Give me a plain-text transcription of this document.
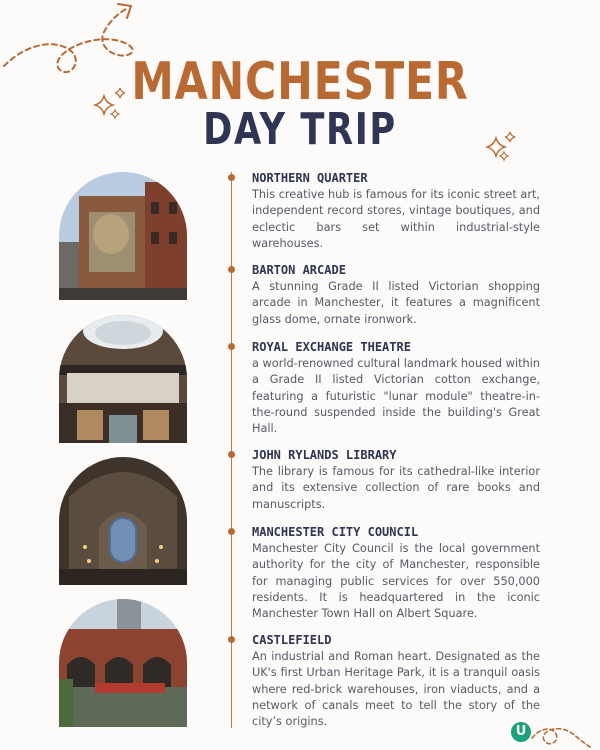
MANCHESTER
DAY TRIP
NORTHERN QUARTER

This creative hub is famous for its iconic street art, independent record stores, vintage boutiques, and eclectic bars set within industrial-style warehouses.

BARTON ARCADE

A stunning Grade II listed Victorian shopping arcade in Manchester, it features a magnificent glass dome, ornate ironwork.

ROYAL EXCHANGE THEATRE

a world-renowned cultural landmark housed within a Grade II listed Victorian cotton exchange, featuring a futuristic "lunar module" theatre-in-the-round suspended inside the building's Great Hall.

JOHN RYLANDS LIBRARY

The library is famous for its cathedral-like interior and its extensive collection of rare books and manuscripts.

MANCHESTER CITY COUNCIL

Manchester City Council is the local government authority for the city of Manchester, responsible for managing public services for over 550,000 residents. It is headquartered in the iconic Manchester Town Hall on Albert Square.

CASTLEFIELD

An industrial and Roman heart. Designated as the UK's first Urban Heritage Park, it is a tranquil oasis where red-brick warehouses, iron viaducts, and a network of canals meet to tell the story of the city’s origins.

U
